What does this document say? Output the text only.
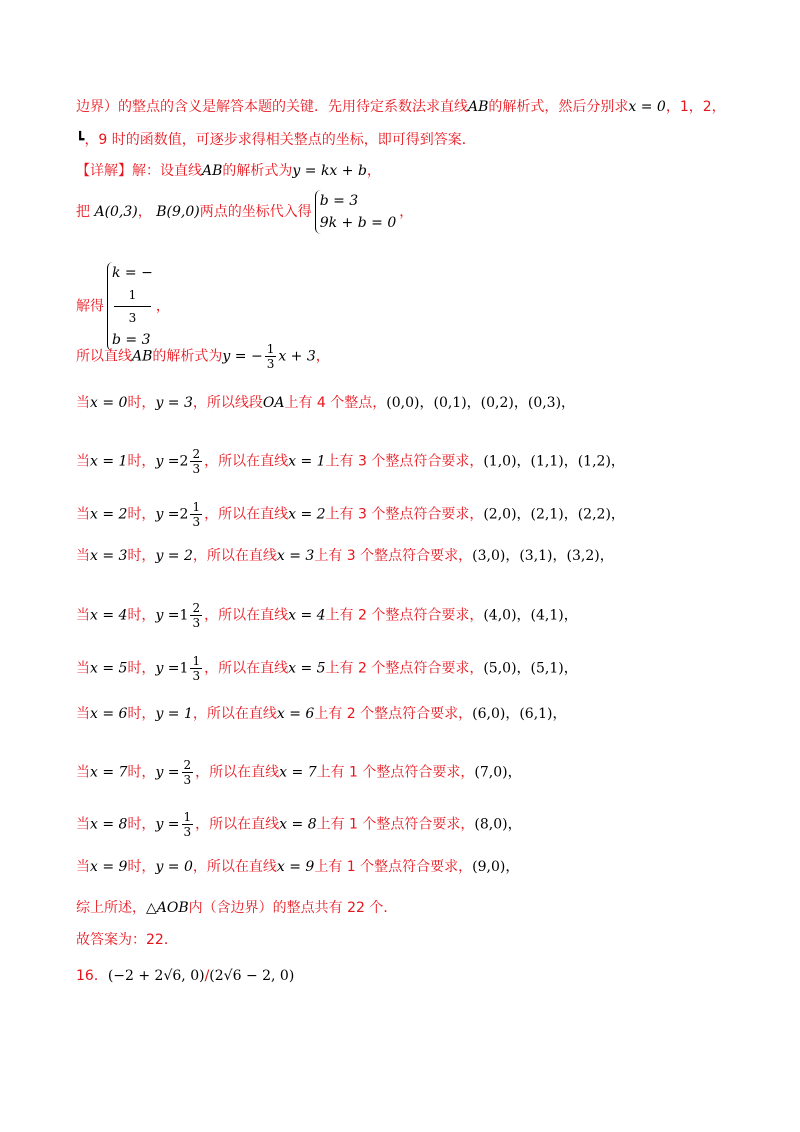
边界）的整点的含义是解答本题的关键．先用待定系数法求直线AB的解析式，然后分别求x = 0，1，2，
┗，9 时的函数值，可逐步求得相关整点的坐标，即可得到答案．
【详解】解：设直线AB的解析式为y = kx + b，
把 A(0,3)， B(9,0)两点的坐标代入得
b = 3
9k + b = 0
，
解得
k = −
1
3
b = 3
，
所以直线AB的解析式为y = − $\frac{1}{3}$ x + 3，
当x = 0时，y = 3，所以线段OA上有 4 个整点，(0,0)，(0,1)，(0,2)，(0,3)，
当x = 1时，$y =2 \frac{2}{3}$ ，所以在直线x = 1上有 3 个整点符合要求，(1,0)，(1,1)，(1,2)，
当x = 2时，$y =2 \frac{1}{3}$ ，所以在直线x = 2上有 3 个整点符合要求，(2,0)，(2,1)，(2,2)，
当x = 3时，y = 2，所以在直线x = 3上有 3 个整点符合要求，(3,0)，(3,1)，(3,2)，
当x = 4时，$y =1 \frac{2}{3}$ ，所以在直线x = 4上有 2 个整点符合要求，(4,0)，(4,1)，
当x = 5时，$y =1 \frac{1}{3}$ ，所以在直线x = 5上有 2 个整点符合要求，(5,0)，(5,1)，
当x = 6时，y = 1，所以在直线x = 6上有 2 个整点符合要求，(6,0)，(6,1)，
当x = 7时，$y = \frac{2}{3}$ ，所以在直线x = 7上有 1 个整点符合要求，(7,0)，
当x = 8时，$y = \frac{1}{3}$ ，所以在直线x = 8上有 1 个整点符合要求，(8,0)，
当x = 9时，y = 0，所以在直线x = 9上有 1 个整点符合要求，(9,0)，
综上所述，△AOB内（含边界）的整点共有 22 个．
故答案为：22．
16．(−2 + 2√6, 0)/(2√6 − 2, 0)
